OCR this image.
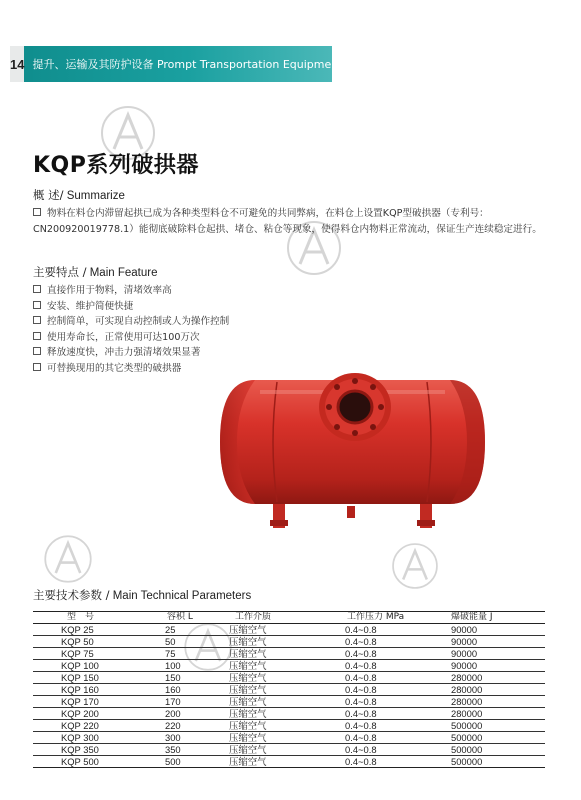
14 提升、运输及其防护设备 Prompt Transportation Equipment
KQP系列破拱器
概 述/ Summarize
物料在料仓内滞留起拱已成为各种类型料仓不可避免的共同弊病，在料仓上设置KQP型破拱器（专利号：CN200920019778.1）能彻底破除料仓起拱、堵仓、粘仓等现象，使得料仓内物料正常流动，保证生产连续稳定进行。
主要特点 / Main Feature
直接作用于物料，清堵效率高
安装、维护简便快捷
控制简单，可实现自动控制或人为操作控制
使用寿命长，正常使用可达100万次
释放速度快，冲击力强清堵效果显著
可替换现用的其它类型的破拱器
主要技术参数 / Main Technical Parameters
型　号	容积 L	工作介质	工作压力 MPa	爆破能量 J
KQP 25	25	压缩空气	0.4~0.8	90000
KQP 50	50	压缩空气	0.4~0.8	90000
KQP 75	75	压缩空气	0.4~0.8	90000
KQP 100	100	压缩空气	0.4~0.8	90000
KQP 150	150	压缩空气	0.4~0.8	280000
KQP 160	160	压缩空气	0.4~0.8	280000
KQP 170	170	压缩空气	0.4~0.8	280000
KQP 200	200	压缩空气	0.4~0.8	280000
KQP 220	220	压缩空气	0.4~0.8	500000
KQP 300	300	压缩空气	0.4~0.8	500000
KQP 350	350	压缩空气	0.4~0.8	500000
KQP 500	500	压缩空气	0.4~0.8	500000
